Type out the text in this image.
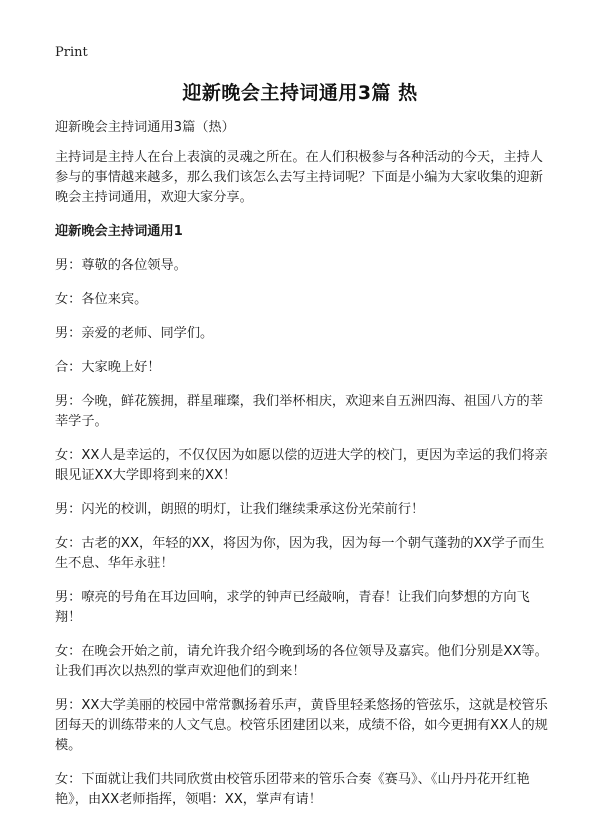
Print
迎新晚会主持词通用3篇 热

迎新晚会主持词通用3篇（热）

主持词是主持人在台上表演的灵魂之所在。在人们积极参与各种活动的今天，主持人参与的事情越来越多，那么我们该怎么去写主持词呢？下面是小编为大家收集的迎新晚会主持词通用，欢迎大家分享。

迎新晚会主持词通用1

男：尊敬的各位领导。

女：各位来宾。

男：亲爱的老师、同学们。

合：大家晚上好！

男：今晚，鲜花簇拥，群星璀璨，我们举杯相庆，欢迎来自五洲四海、祖国八方的莘莘学子。

女：XX人是幸运的，不仅仅因为如愿以偿的迈进大学的校门，更因为幸运的我们将亲眼见证XX大学即将到来的XX！

男：闪光的校训，朗照的明灯，让我们继续秉承这份光荣前行！

女：古老的XX，年轻的XX，将因为你，因为我，因为每一个朝气蓬勃的XX学子而生生不息、华年永驻！

男：嘹亮的号角在耳边回响，求学的钟声已经敲响，青春！让我们向梦想的方向飞翔！

女：在晚会开始之前，请允许我介绍今晚到场的各位领导及嘉宾。他们分别是XX等。让我们再次以热烈的掌声欢迎他们的到来！

男：XX大学美丽的校园中常常飘扬着乐声，黄昏里轻柔悠扬的管弦乐，这就是校管乐团每天的训练带来的人文气息。校管乐团建团以来，成绩不俗，如今更拥有XX人的规模。

女：下面就让我们共同欣赏由校管乐团带来的管乐合奏《赛马》、《山丹丹花开红艳艳》，由XX老师指挥，领唱：XX，掌声有请！
